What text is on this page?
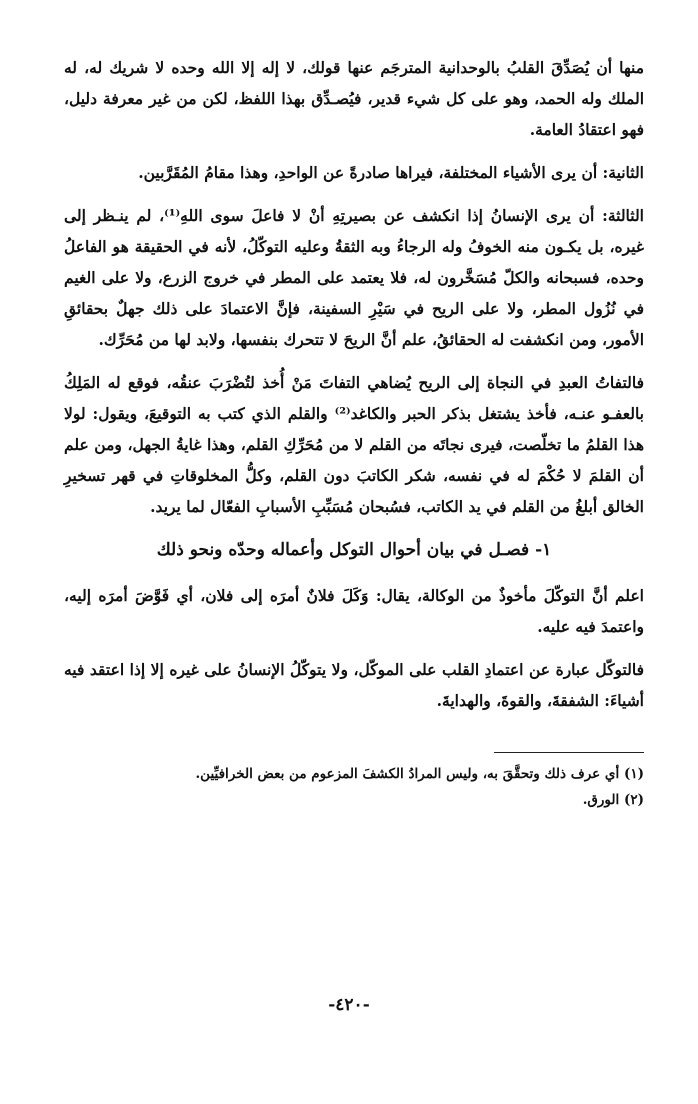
منها أن يُصَدِّقَ القلبُ بالوحدانية المترجَم عنها قولك، لا إله إلا الله وحده لا شريك له، له الملك وله الحمد، وهو على كل شيء قدير، فيُصـدِّق بهذا اللفظ، لكن من غير معرفة دليل، فهو اعتقادُ العامة.

الثانية: أن يرى الأشياء المختلفة، فيراها صادرةً عن الواحدِ، وهذا مقامُ المُقَرَّبين.

الثالثة: أن يرى الإنسانُ إذا انكشف عن بصيرتِهِ أنْ لا فاعلَ سوى اللهِ⁽¹⁾، لم ينـظر إلى غيره، بل يكـون منه الخوفُ وله الرجاءُ وبه الثقةُ وعليه التوكّلُ، لأنه في الحقيقة هو الفاعلُ وحده، فسبحانه والكلّ مُسَخَّرون له، فلا يعتمد على المطر في خروج الزرع، ولا على الغيم في نُزُول المطر، ولا على الريح في سَيْرِ السفينة، فإنَّ الاعتمادَ على ذلك جهلٌ بحقائقِ الأمور، ومن انكشفت له الحقائقُ، علم أنَّ الريحَ لا تتحرك بنفسها، ولابد لها من مُحَرِّك.

فالتفاتُ العبدِ في النجاة إلى الريح يُضاهي التفاتَ مَنْ أُخذ لتُضْرَبَ عنقُه، فوقع له المَلِكُ بالعفـو عنـه، فأخذ يشتغل بذكر الحبر والكاغد⁽²⁾ والقلم الذي كتب به التوقيعَ، ويقول: لولا هذا القلمُ ما تخلّصت، فيرى نجاتَه من القلم لا من مُحَرِّكِ القلم، وهذا غايةُ الجهل، ومن علم أن القلمَ لا حُكْمَ له في نفسه، شكر الكاتبَ دون القلم، وكلُّ المخلوقاتِ في قهر تسخيرِ الخالق أبلغُ من القلم في يد الكاتب، فسُبحان مُسَبِّبِ الأسبابِ الفعّال لما يريد.

١- فصـل في بيان أحوال التوكل وأعماله وحدّه ونحو ذلك

اعلم أنَّ التوكّلَ مأخوذٌ من الوكالة، يقال: وَكَلَ فلانٌ أمرَه إلى فلان، أي فَوَّضَ أمرَه إليه، واعتمدَ فيه عليه.

فالتوكّل عبارة عن اعتمادِ القلب على الموكّل، ولا يتوكّلُ الإنسانُ على غيره إلا إذا اعتقد فيه أشياءَ: الشفقةَ، والقوةَ، والهدايةَ.

(١) أي عرف ذلك وتحقَّقَ به، وليس المرادُ الكشفَ المزعوم من بعض الخرافيِّين.

(٢) الورق.

-٤٢٠-
